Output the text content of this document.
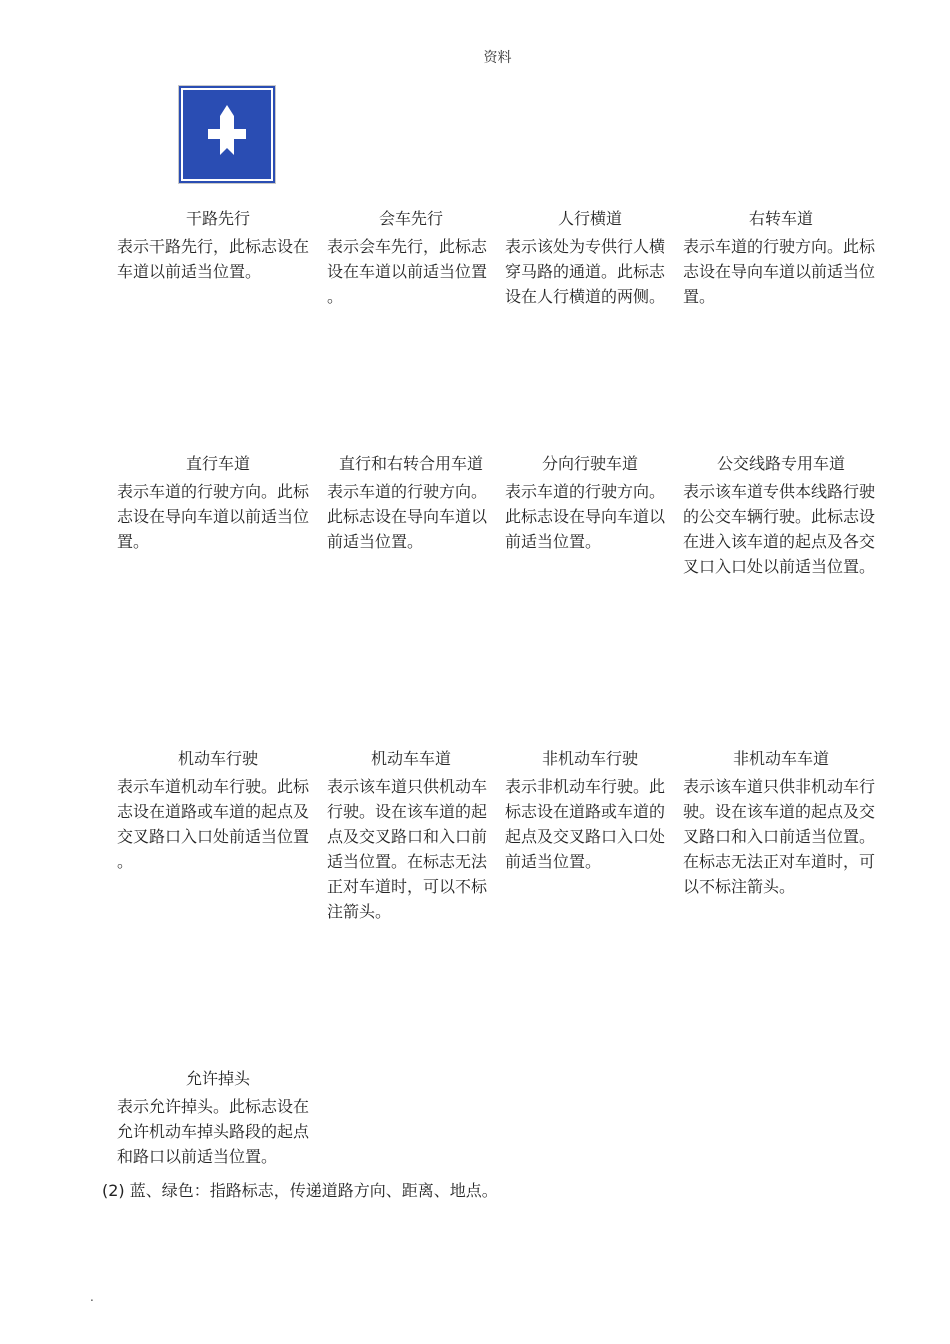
资料
干路先行

表示干路先行，此标志设在车道以前适当位置。

会车先行

表示会车先行，此标志设在车道以前适当位置。

人行横道

表示该处为专供行人横穿马路的通道。此标志设在人行横道的两侧。

右转车道

表示车道的行驶方向。此标志设在导向车道以前适当位置。

直行车道

表示车道的行驶方向。此标志设在导向车道以前适当位置。

直行和右转合用车道

表示车道的行驶方向。此标志设在导向车道以前适当位置。

分向行驶车道

表示车道的行驶方向。此标志设在导向车道以前适当位置。

公交线路专用车道

表示该车道专供本线路行驶的公交车辆行驶。此标志设在进入该车道的起点及各交叉口入口处以前适当位置。

机动车行驶

表示车道机动车行驶。此标志设在道路或车道的起点及交叉路口入口处前适当位置。

机动车车道

表示该车道只供机动车行驶。设在该车道的起点及交叉路口和入口前适当位置。在标志无法正对车道时，可以不标注箭头。

非机动车行驶

表示非机动车行驶。此标志设在道路或车道的起点及交叉路口入口处前适当位置。

非机动车车道

表示该车道只供非机动车行驶。设在该车道的起点及交叉路口和入口前适当位置。在标志无法正对车道时，可以不标注箭头。

允许掉头

表示允许掉头。此标志设在允许机动车掉头路段的起点和路口以前适当位置。

(2) 蓝、绿色：指路标志，传递道路方向、距离、地点。
.
